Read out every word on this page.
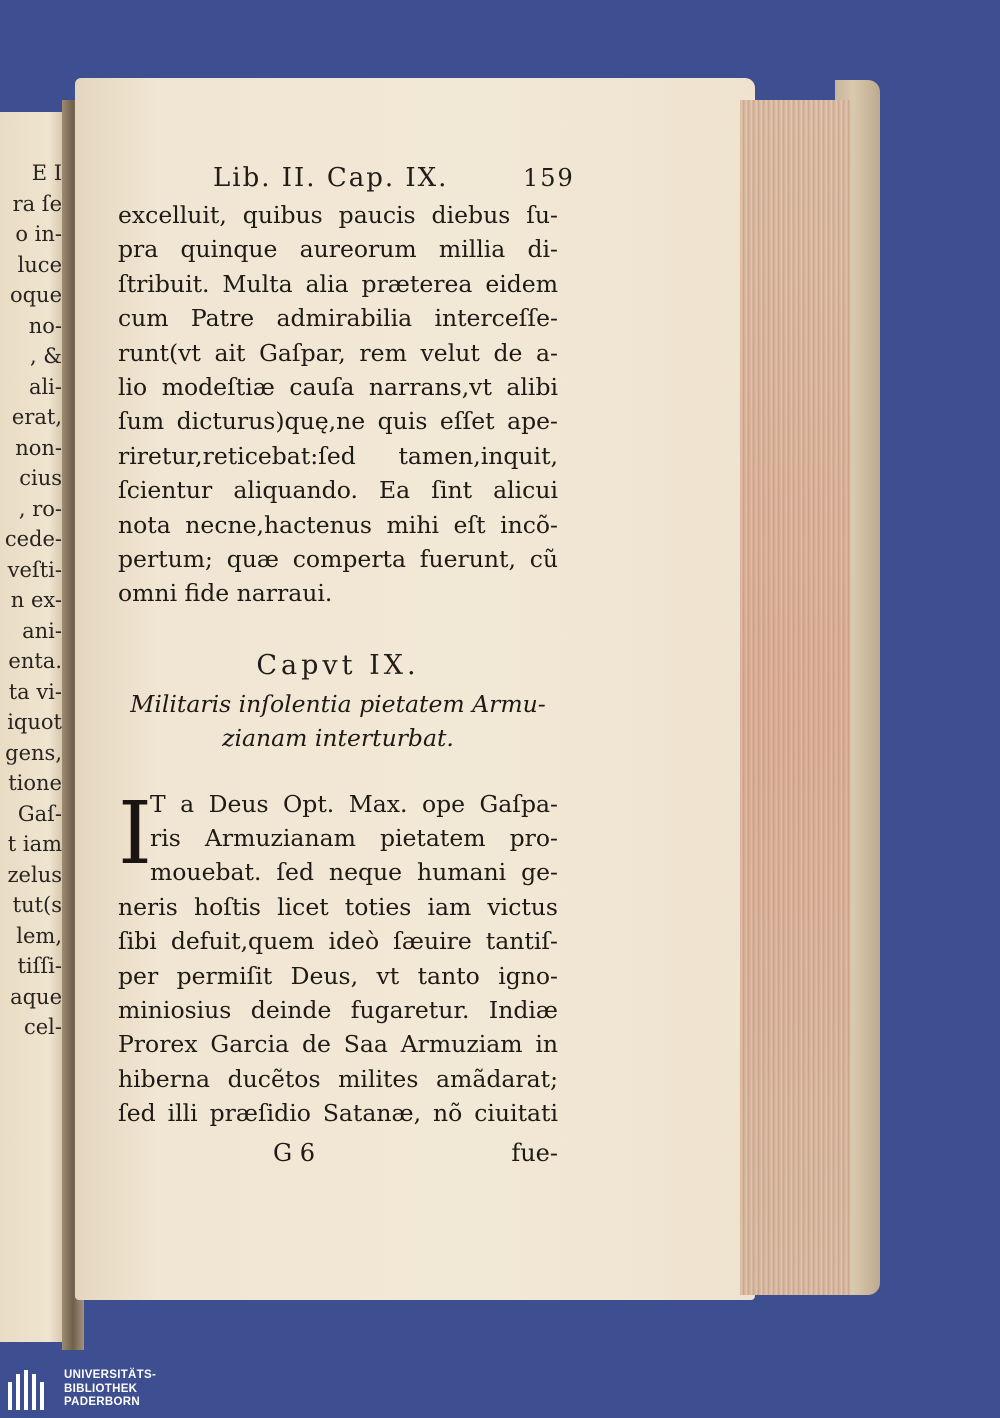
E I
ra ſe
o in-
luce
oque
no-
, &
ali-
erat,
non-
cius
, ro-
cede-
veſti-
n ex-
ani-
enta.
ta vi-
iquot
gens,
tione
Gaſ-
t iam
zelus
tut(s
lem,
tiſſi-
aque
cel-
Lib. II. Cap. IX.	159
excelluit, quibus paucis diebus ſu-
pra quinque aureorum millia di-
ſtribuit. Multa alia præterea eidem
cum Patre admirabilia interceſſe-
runt(vt ait Gaſpar, rem velut de a-
lio modeſtiæ cauſa narrans,vt alibi
ſum dicturus)quę,ne quis eſſet ape-
riretur,reticebat:ſed tamen,inquit,
ſcientur aliquando. Ea ſint alicui
nota necne,hactenus mihi eſt incõ-
pertum; quæ comperta fuerunt, cũ
omni fide narraui.
Capvt IX.
Militaris inſolentia pietatem Armu-
zianam interturbat.
I
T a Deus Opt. Max. ope Gaſpa-
ris Armuzianam pietatem pro-
mouebat. ſed neque humani ge-
neris hoſtis licet toties iam victus
ſibi defuit,quem ideò ſæuire tantiſ-
per permiſit Deus, vt tanto igno-
miniosius deinde fugaretur. Indiæ
Prorex Garcia de Saa Armuziam in
hiberna ducẽtos milites amãdarat;
ſed illi præſidio Satanæ, nõ ciuitati
G 6	fue-
UNIVERSITÄTS-
BIBLIOTHEK
PADERBORN
